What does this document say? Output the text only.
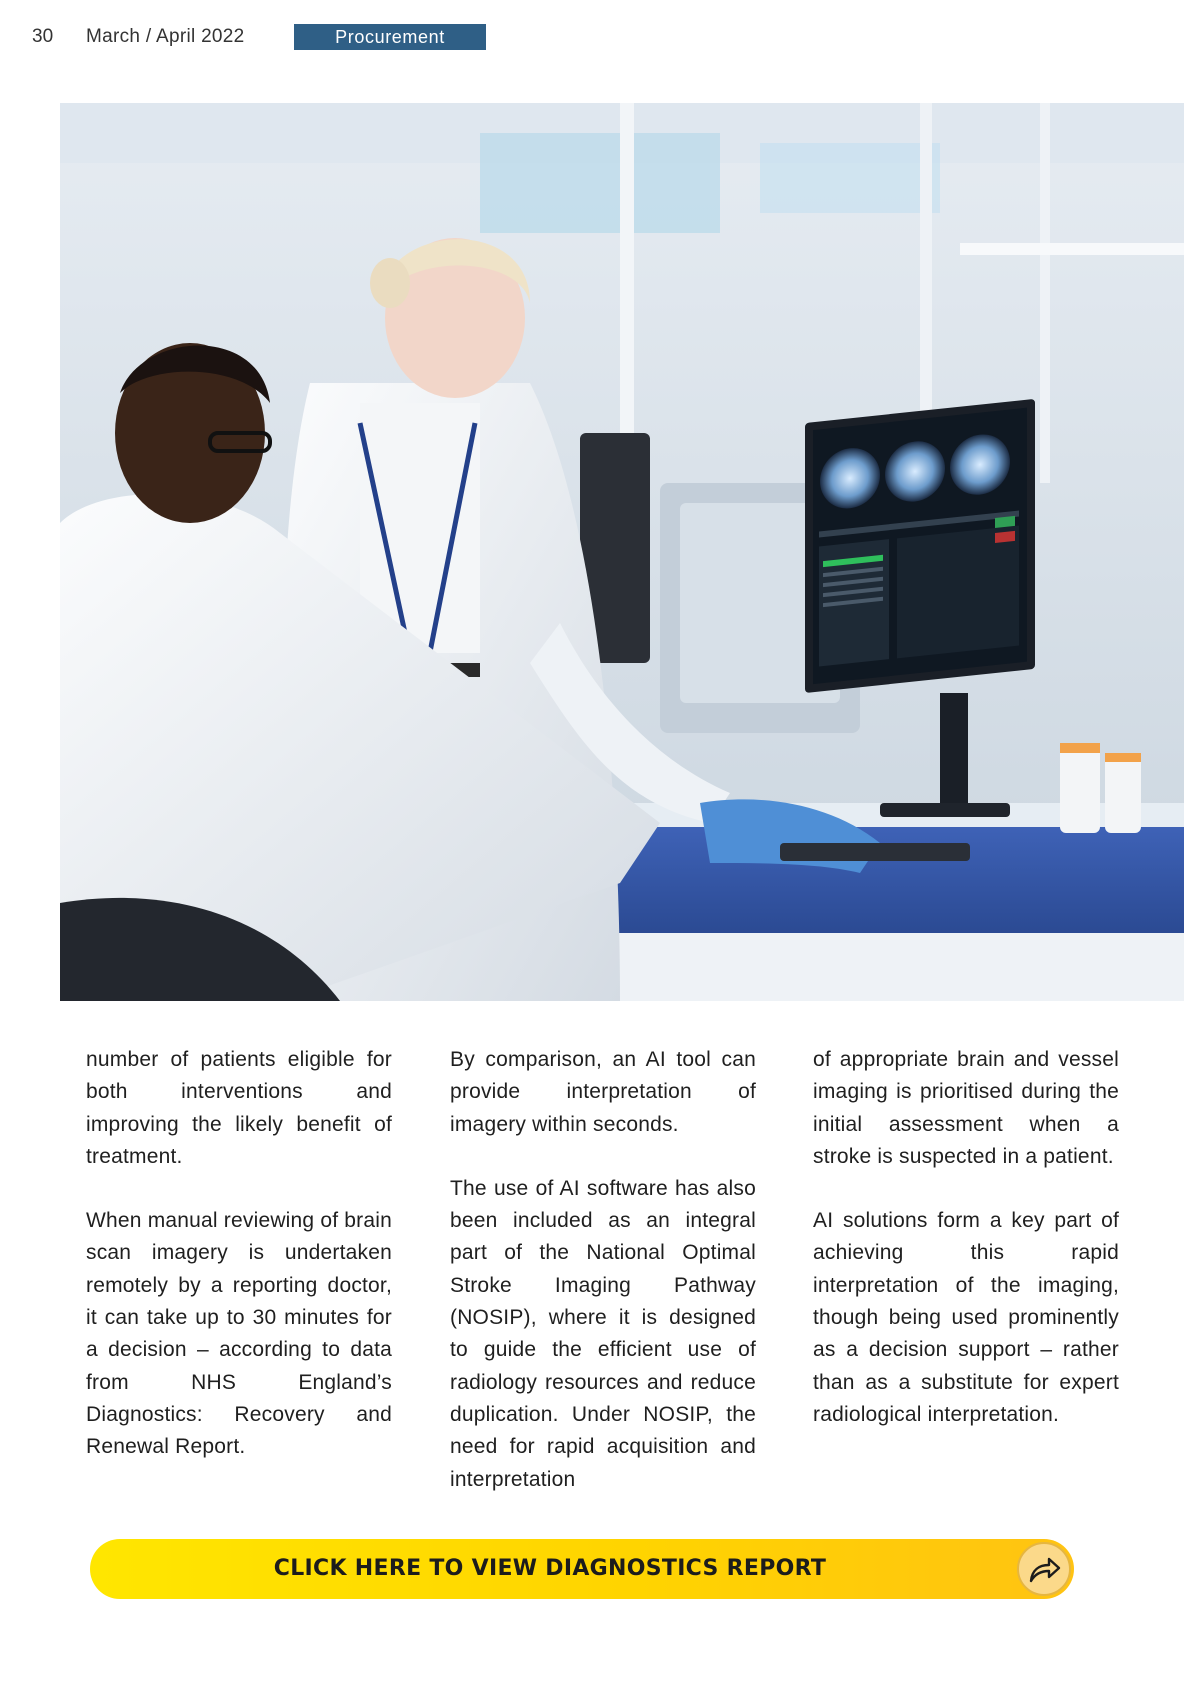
30 March / April 2022	Procurement

number of patients eligible for both interventions and improving the likely benefit of treatment.

When manual reviewing of brain scan imagery is undertaken remotely by a reporting doctor, it can take up to 30 minutes for a decision – according to data from NHS England’s Diagnostics: Recovery and Renewal Report.

By comparison, an AI tool can provide interpretation of imagery within seconds.

The use of AI software has also been included as an integral part of the National Optimal Stroke Imaging Pathway (NOSIP), where it is designed to guide the efficient use of radiology resources and reduce duplication. Under NOSIP, the need for rapid acquisition and interpretation

of appropriate brain and vessel imaging is prioritised during the initial assessment when a stroke is suspected in a patient.

AI solutions form a key part of achieving this rapid interpretation of the imaging, though being used prominently as a decision support – rather than as a substitute for expert radiological interpretation.

CLICK HERE TO VIEW DIAGNOSTICS REPORT
